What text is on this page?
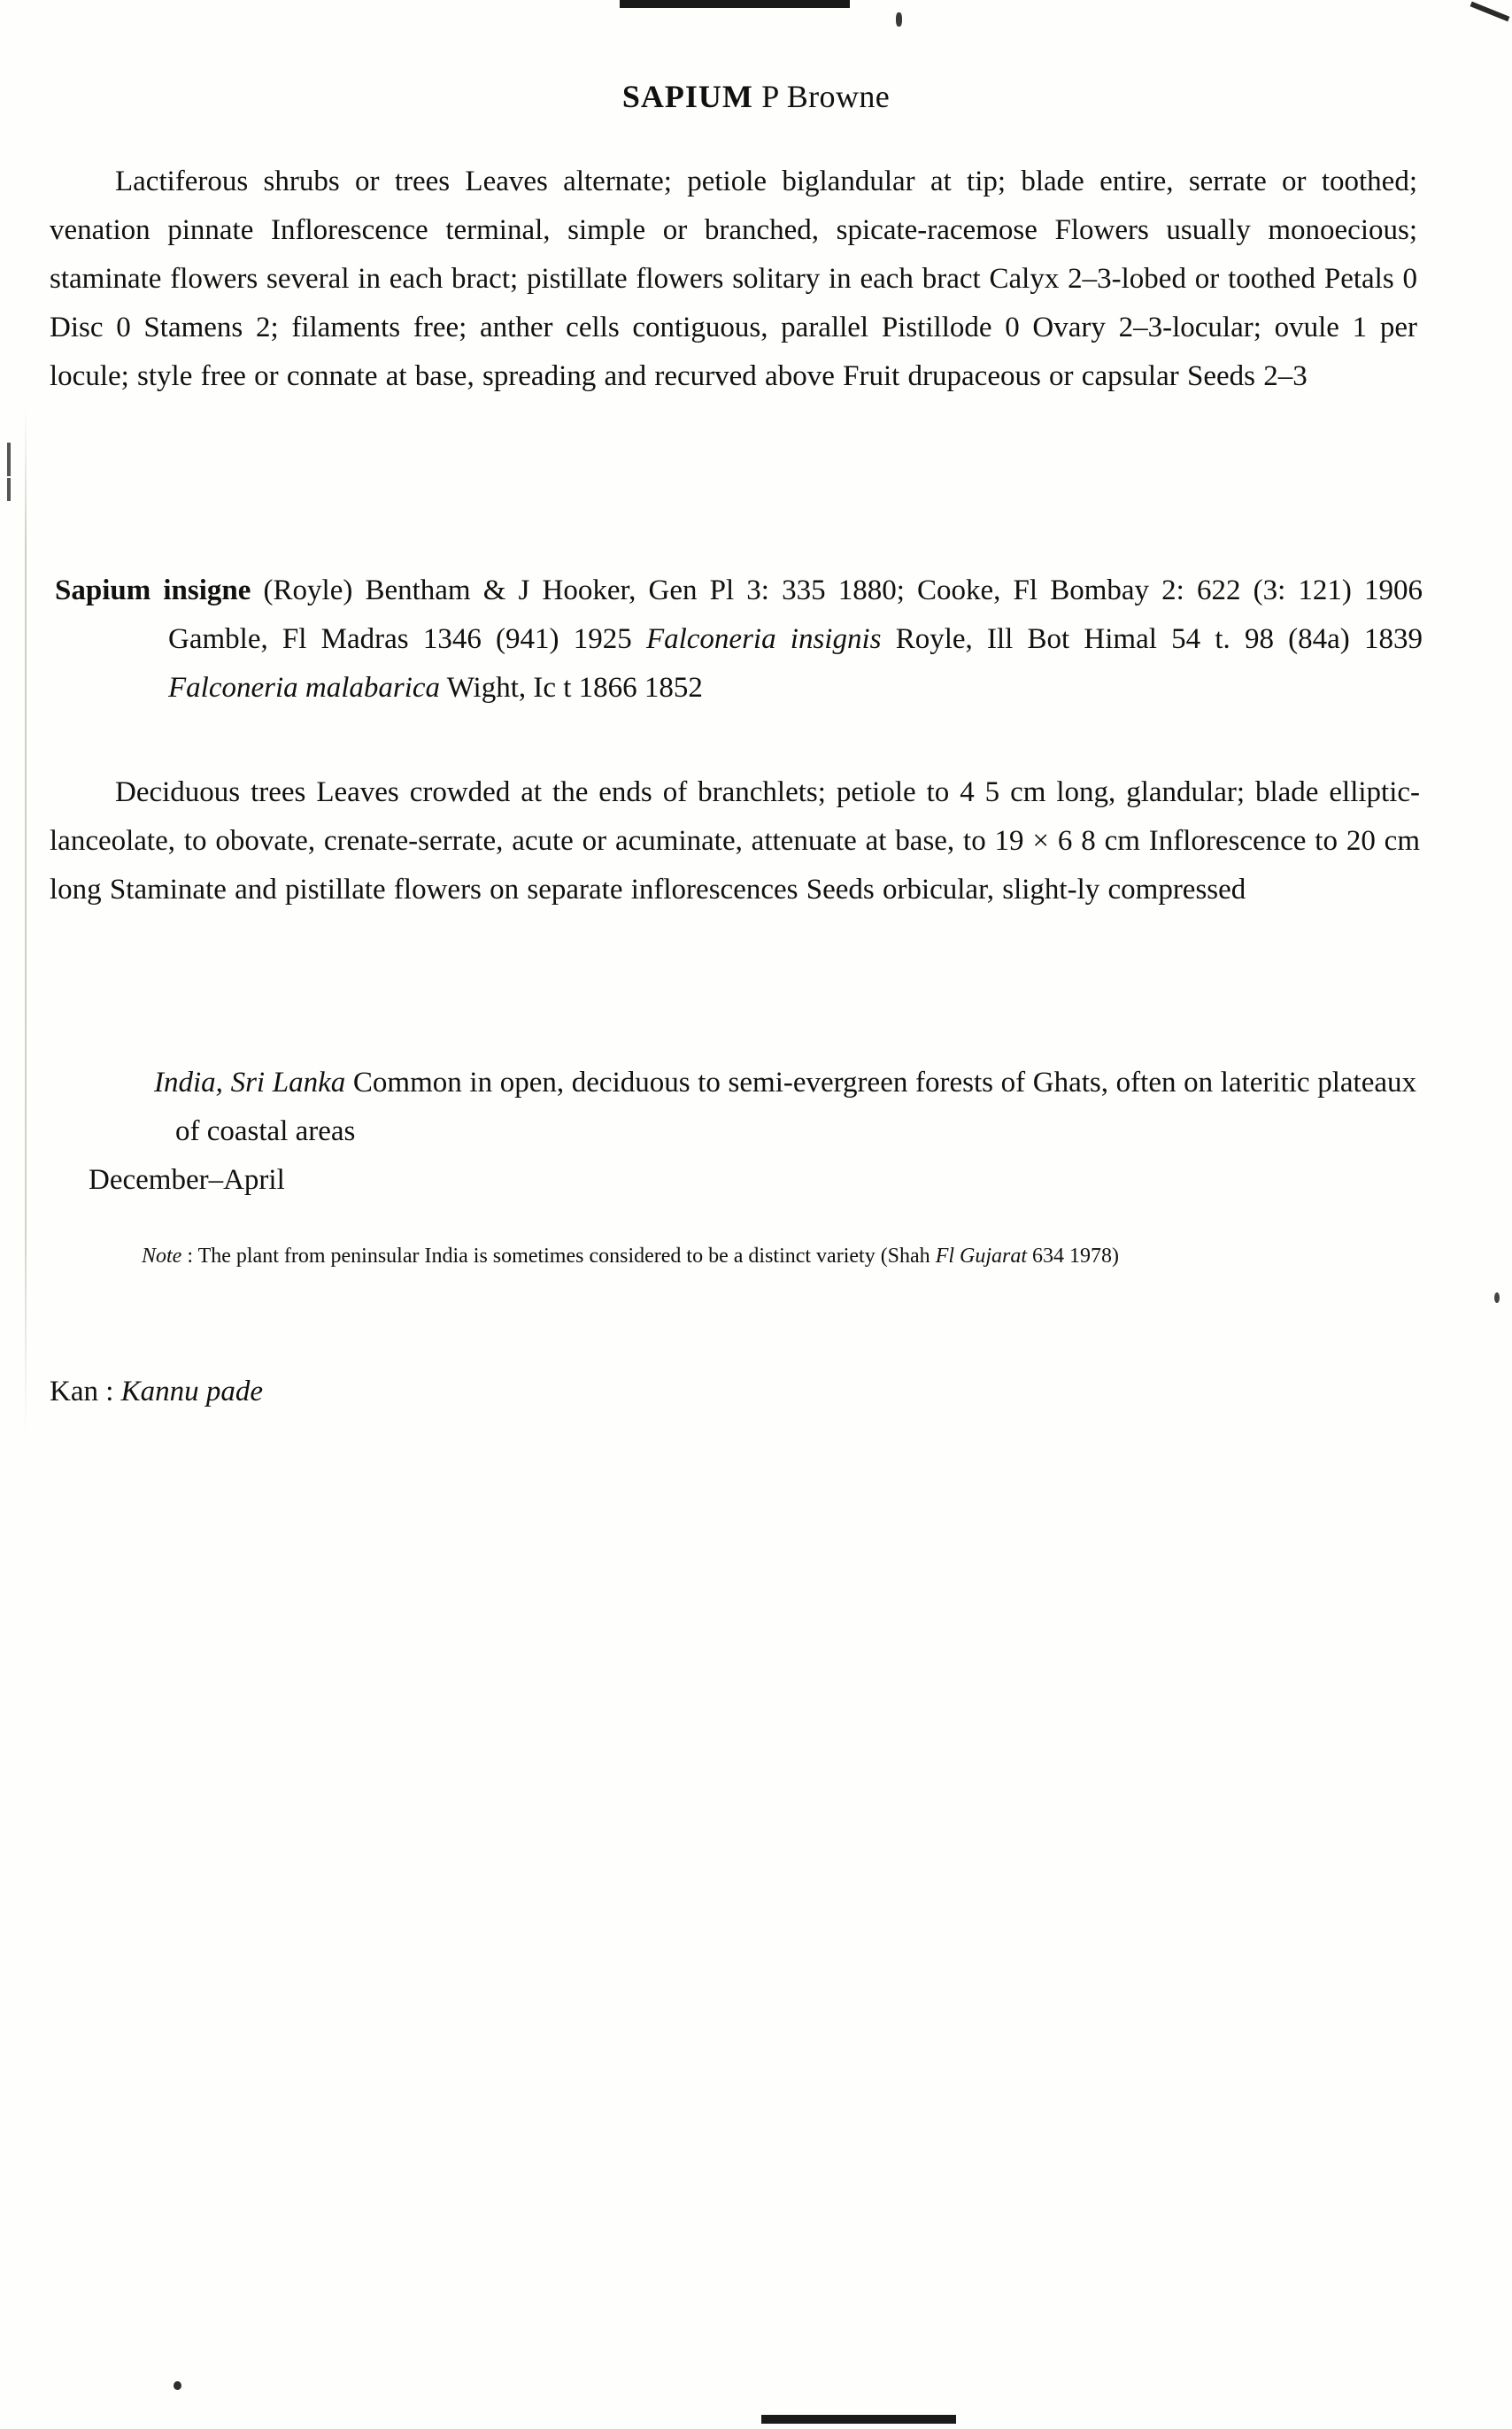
SAPIUM P Browne

Lactiferous shrubs or trees Leaves alternate; petiole biglandular at tip; blade entire, serrate or toothed; venation pinnate Inflorescence terminal, simple or branched, spicate-racemose Flowers usually monoecious; staminate flowers several in each bract; pistillate flowers solitary in each bract Calyx 2–3-lobed or toothed Petals 0 Disc 0 Stamens 2; filaments free; anther cells contiguous, parallel Pistillode 0 Ovary 2–3-locular; ovule 1 per locule; style free or connate at base, spreading and recurved above Fruit drupaceous or capsular Seeds 2–3

Sapium insigne (Royle) Bentham & J Hooker, Gen Pl 3: 335 1880; Cooke, Fl Bombay 2: 622 (3: 121) 1906 Gamble, Fl Madras 1346 (941) 1925 Falconeria insignis Royle, Ill Bot Himal 54 t. 98 (84a) 1839 Falconeria malabarica Wight, Ic t 1866 1852

Deciduous trees Leaves crowded at the ends of branchlets; petiole to 4 5 cm long, glandular; blade elliptic-lanceolate, to obovate, crenate-serrate, acute or acuminate, attenuate at base, to 19 × 6 8 cm Inflorescence to 20 cm long Staminate and pistillate flowers on separate inflorescences Seeds orbicular, slight-ly compressed

India, Sri Lanka Common in open, deciduous to semi-evergreen forests of Ghats, often on lateritic plateaux of coastal areas

December–April

Note : The plant from peninsular India is sometimes considered to be a distinct variety (Shah Fl Gujarat 634 1978)
Kan : Kannu pade
